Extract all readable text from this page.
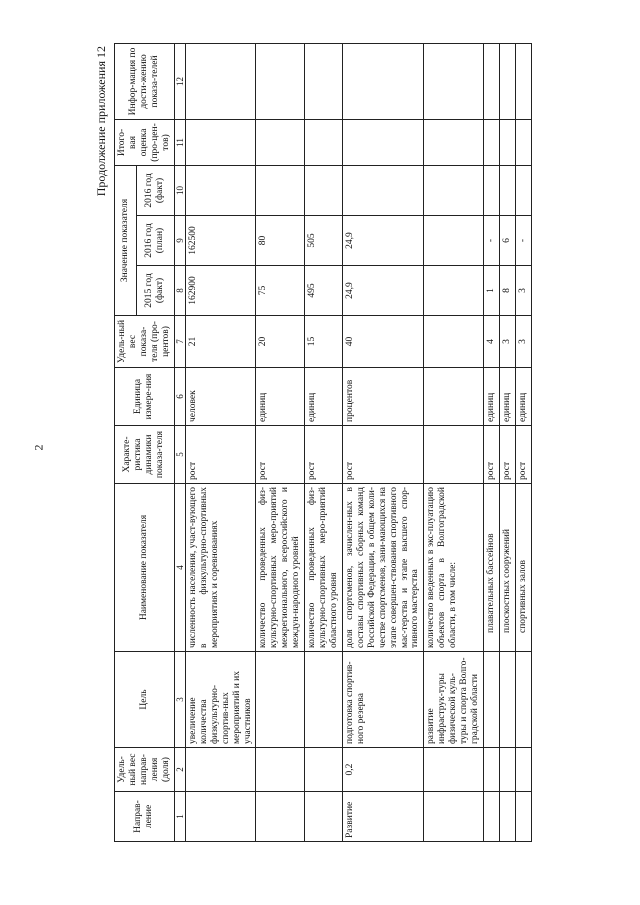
2
Продолжение приложения 12
Направ-ление	Удель-ный вес направ-ления (доля)	Цель	Наименование показателя	Характе-ристика динамики показа-теля	Единица измере-ния	Удель-ный вес показа-теля (про-центов)	Значение показателя			Итого-вая оценка (про-цен-тов)	Инфор-мация по дости-жению показа-телей
							2015 год (факт)	2016 год (план)	2016 год (факт)		
1	2	3	4	5	6	7	8	9	10	11	12
		увеличение количества физкультурно-спортив-ных мероприятий и их участников	численность населения, участ-вующего в физкультурно-спортивных мероприятиях и соревнованиях	рост	человек	21	162900	162500			
			количество проведенных физ-культурно-спортивных меро-приятий межрегионального, всероссийского и междун-народного уровней	рост	единиц	20	75	80			
			количество проведенных физ-культурно-спортивных меро-приятий областного уровня	рост	единиц	15	495	505			
Развитие	0,2	подготовка спортив-ного резерва	доля спортсменов, зачислен-ных в составы спортивных сборных команд Российской Федерации, в общем коли-честве спортсменов, зани-мающихся на этапе совершен-ствования спортивного мас-терства и этапе высшего спор-тивного мастерства	рост	процентов	40	24,9	24,9			
		развитие инфраструк-туры физической куль-туры и спорта Волго-градской области	количество введенных в экс-плуатацию объектов спорта в Волгоградской области, в том числе:								
			плавательных бассейнов	рост	единиц	4	1	-			
			плоскостных сооружений	рост	единиц	3	8	6			
			спортивных залов	рост	единиц	3	3	-			
